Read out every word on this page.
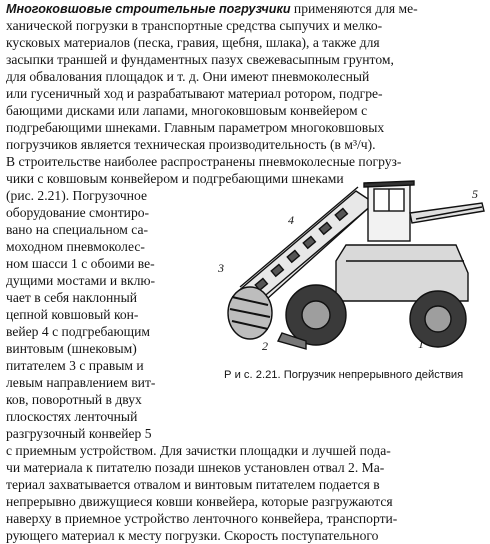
Многоковшовые строительные погрузчики применяются для ме-
ханической погрузки в транспортные средства сыпучих и мелко-
кусковых материалов (песка, гравия, щебня, шлака), а также для
засыпки траншей и фундаментных пазух свежевасыпным грунтом,
для обвалования площадок и т. д. Они имеют пневмоколесный
или гусеничный ход и разрабатывают материал ротором, подгре-
бающими дисками или лапами, многоковшовым конвейером с
подгребающими шнеками. Главным параметром многоковшовых
погрузчиков является техническая производительность (в м³/ч).
В строительстве наиболее распространены пневмоколесные погруз-
чики с ковшовым конвейером и подгребающими шнеками
(рис. 2.21). Погрузочное
оборудование смонтиро-
вано на специальном са-
моходном пневмоколес-
ном шасси 1 с обоими ве-
дущими мостами и вклю-
чает в себя наклонный
цепной ковшовый кон-
вейер 4 с подгребающим
винтовым (шнековым)
питателем 3 с правым и
левым направлением вит-
ков, поворотный в двух
плоскостях ленточный
разгрузочный конвейер 5
с приемным устройством. Для зачистки площадки и лучшей пода-
чи материала к питателю позади шнеков установлен отвал 2. Ма-
териал захватывается отвалом и винтовым питателем подается в
непрерывно движущиеся ковши конвейера, которые разгружаются
наверху в приемное устройство ленточного конвейера, транспорти-
рующего материал к месту погрузки. Скорость поступательного
4
5
3
2	1
Р и с. 2.21. Погрузчик непрерывного действия
